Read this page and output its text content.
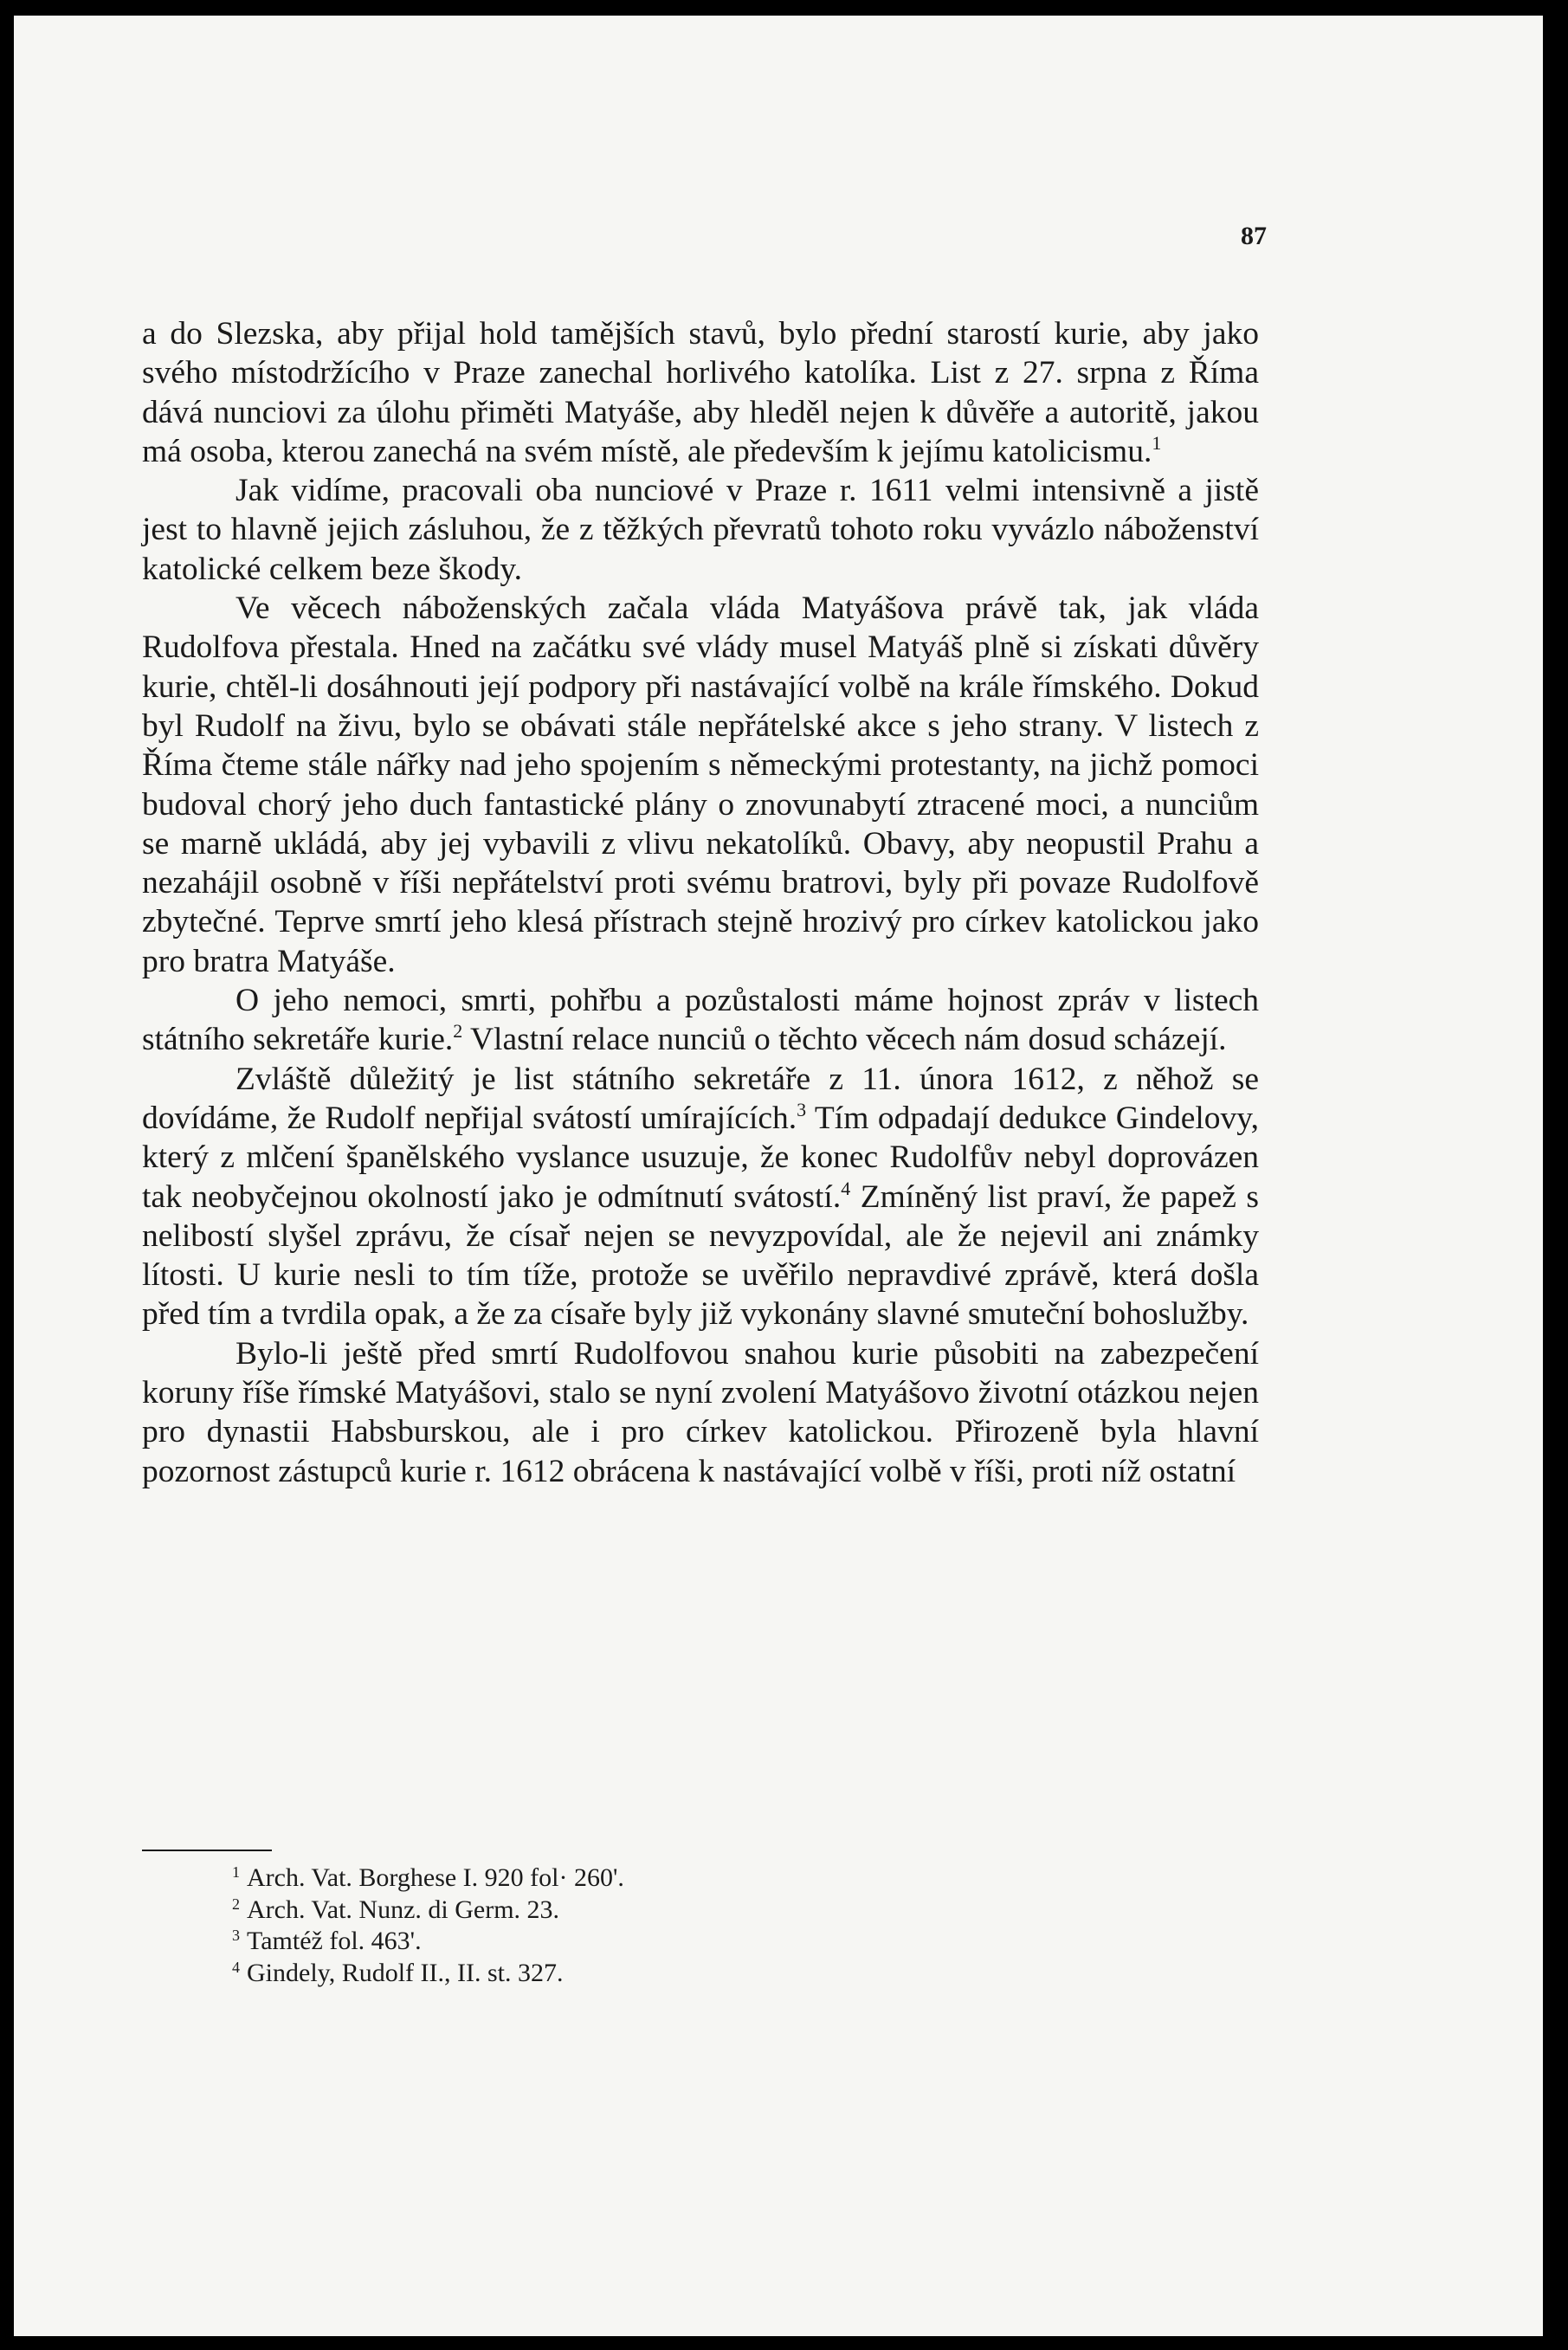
87

a do Slezska, aby přijal hold tamějších stavů, bylo přední starostí kurie, aby jako svého místodržícího v Praze zanechal horlivého katolíka. List z 27. srpna z Říma dává nunciovi za úlohu přiměti Matyáše, aby hleděl nejen k důvěře a autoritě, jakou má osoba, kterou zanechá na svém místě, ale především k jejímu katolicismu.$^1$

Jak vidíme, pracovali oba nunciové v Praze r. 1611 velmi intensivně a jistě jest to hlavně jejich zásluhou, že z těžkých převratů tohoto roku vyvázlo náboženství katolické celkem beze škody.

Ve věcech náboženských začala vláda Matyášova právě tak, jak vláda Rudolfova přestala. Hned na začátku své vlády musel Matyáš plně si získati důvěry kurie, chtěl-li dosáhnouti její podpory při nastávající volbě na krále římského. Dokud byl Rudolf na živu, bylo se obávati stále nepřátelské akce s jeho strany. V listech z Říma čteme stále nářky nad jeho spojením s německými protestanty, na jichž pomoci budoval chorý jeho duch fantastické plány o znovunabytí ztracené moci, a nunciům se marně ukládá, aby jej vybavili z vlivu nekatolíků. Obavy, aby neopustil Prahu a nezahájil osobně v říši nepřátelství proti svému bratrovi, byly při povaze Rudolfově zbytečné. Teprve smrtí jeho klesá přístrach stejně hrozivý pro církev katolickou jako pro bratra Matyáše.

O jeho nemoci, smrti, pohřbu a pozůstalosti máme hojnost zpráv v listech státního sekretáře kurie.$^2$ Vlastní relace nunciů o těchto věcech nám dosud scházejí.

Zvláště důležitý je list státního sekretáře z 11. února 1612, z něhož se dovídáme, že Rudolf nepřijal svátostí umírajících.$^3$ Tím odpadají dedukce Gindelovy, který z mlčení španělského vyslance usuzuje, že konec Rudolfův nebyl doprovázen tak neobyčejnou okolností jako je odmítnutí svátostí.$^4$ Zmíněný list praví, že papež s nelibostí slyšel zprávu, že císař nejen se nevyzpovídal, ale že nejevil ani známky lítosti. U kurie nesli to tím tíže, protože se uvěřilo nepravdivé zprávě, která došla před tím a tvrdila opak, a že za císaře byly již vykonány slavné smuteční bohoslužby.

Bylo-li ještě před smrtí Rudolfovou snahou kurie působiti na zabezpečení koruny říše římské Matyášovi, stalo se nyní zvolení Matyášovo životní otázkou nejen pro dynastii Habsburskou, ale i pro církev katolickou. Přirozeně byla hlavní pozornost zástupců kurie r. 1612 obrácena k nastávající volbě v říši, proti níž ostatní

$^1$ Arch. Vat. Borghese I. 920 fol· 260'.

$^2$ Arch. Vat. Nunz. di Germ. 23.

$^3$ Tamtéž fol. 463'.

$^4$ Gindely, Rudolf II., II. st. 327.
